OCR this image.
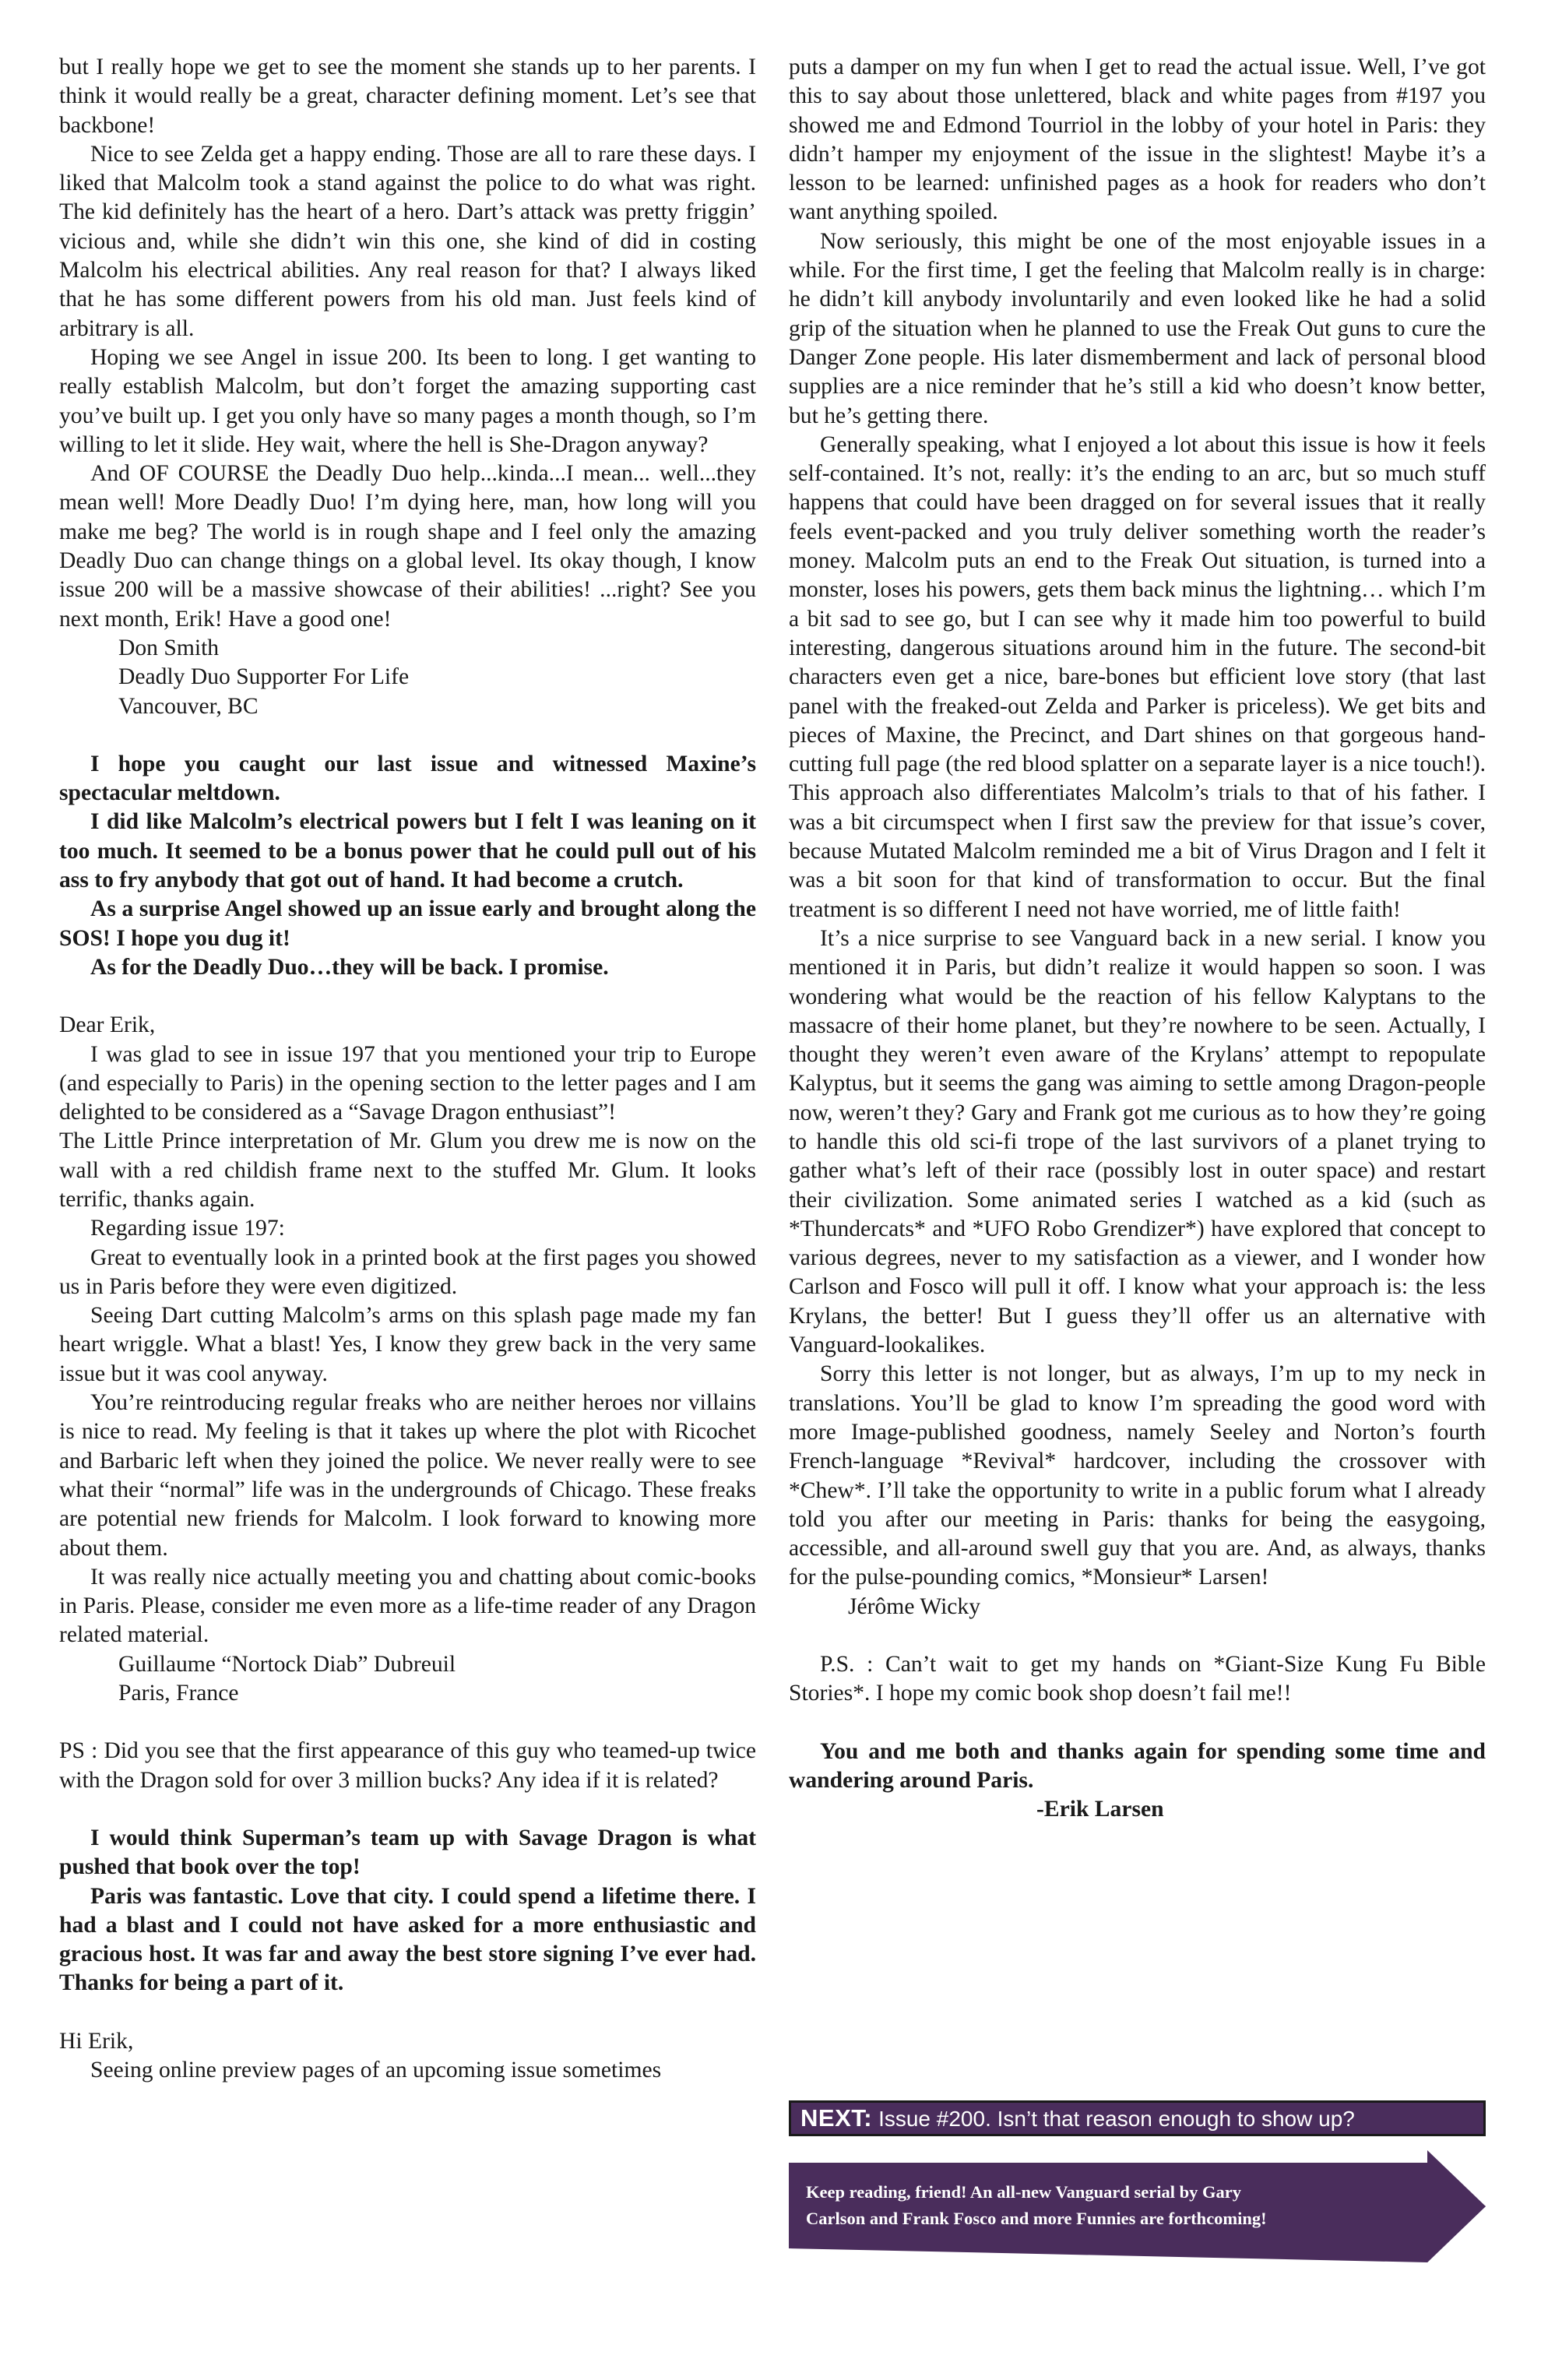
but I really hope we get to see the moment she stands up to her parents. I think it would really be a great, character defining moment. Let’s see that backbone!

Nice to see Zelda get a happy ending. Those are all to rare these days. I liked that Malcolm took a stand against the police to do what was right. The kid definitely has the heart of a hero. Dart’s attack was pretty friggin’ vicious and, while she didn’t win this one, she kind of did in costing Malcolm his electrical abilities. Any real reason for that? I always liked that he has some different powers from his old man. Just feels kind of arbitrary is all.

Hoping we see Angel in issue 200. Its been to long. I get wanting to really establish Malcolm, but don’t forget the amazing supporting cast you’ve built up. I get you only have so many pages a month though, so I’m willing to let it slide. Hey wait, where the hell is She-Dragon anyway?

And OF COURSE the Deadly Duo help...kinda...I mean... well...they mean well! More Deadly Duo! I’m dying here, man, how long will you make me beg? The world is in rough shape and I feel only the amazing Deadly Duo can change things on a global level. Its okay though, I know issue 200 will be a massive showcase of their abilities! ...right? See you next month, Erik! Have a good one!

Don Smith

Deadly Duo Supporter For Life

Vancouver, BC

I hope you caught our last issue and witnessed Maxine’s spectacular meltdown.

I did like Malcolm’s electrical powers but I felt I was leaning on it too much. It seemed to be a bonus power that he could pull out of his ass to fry anybody that got out of hand. It had become a crutch.

As a surprise Angel showed up an issue early and brought along the SOS! I hope you dug it!

As for the Deadly Duo…they will be back. I promise.

Dear Erik,

I was glad to see in issue 197 that you mentioned your trip to Europe (and especially to Paris) in the opening section to the letter pages and I am delighted to be considered as a “Savage Dragon enthusiast”!

The Little Prince interpretation of Mr. Glum you drew me is now on the wall with a red childish frame next to the stuffed Mr. Glum. It looks terrific, thanks again.

Regarding issue 197:

Great to eventually look in a printed book at the first pages you showed us in Paris before they were even digitized.

Seeing Dart cutting Malcolm’s arms on this splash page made my fan heart wriggle. What a blast! Yes, I know they grew back in the very same issue but it was cool anyway.

You’re reintroducing regular freaks who are neither heroes nor villains is nice to read. My feeling is that it takes up where the plot with Ricochet and Barbaric left when they joined the police. We never really were to see what their “normal” life was in the undergrounds of Chicago. These freaks are potential new friends for Malcolm. I look forward to knowing more about them.

It was really nice actually meeting you and chatting about comic-books in Paris. Please, consider me even more as a life-time reader of any Dragon related material.

Guillaume “Nortock Diab” Dubreuil

Paris, France

PS : Did you see that the first appearance of this guy who teamed-up twice with the Dragon sold for over 3 million bucks? Any idea if it is related?

I would think Superman’s team up with Savage Dragon is what pushed that book over the top!

Paris was fantastic. Love that city. I could spend a lifetime there. I had a blast and I could not have asked for a more enthusiastic and gracious host. It was far and away the best store signing I’ve ever had. Thanks for being a part of it.

Hi Erik,

Seeing online preview pages of an upcoming issue sometimes

puts a damper on my fun when I get to read the actual issue. Well, I’ve got this to say about those unlettered, black and white pages from #197 you showed me and Edmond Tourriol in the lobby of your hotel in Paris: they didn’t hamper my enjoyment of the issue in the slightest! Maybe it’s a lesson to be learned: unfinished pages as a hook for readers who don’t want anything spoiled.

Now seriously, this might be one of the most enjoyable issues in a while. For the first time, I get the feeling that Malcolm really is in charge: he didn’t kill anybody involuntarily and even looked like he had a solid grip of the situation when he planned to use the Freak Out guns to cure the Danger Zone people. His later dismemberment and lack of personal blood supplies are a nice reminder that he’s still a kid who doesn’t know better, but he’s getting there.

Generally speaking, what I enjoyed a lot about this issue is how it feels self-contained. It’s not, really: it’s the ending to an arc, but so much stuff happens that could have been dragged on for several issues that it really feels event-packed and you truly deliver something worth the reader’s money. Malcolm puts an end to the Freak Out situation, is turned into a monster, loses his powers, gets them back minus the lightning… which I’m a bit sad to see go, but I can see why it made him too powerful to build interesting, dangerous situations around him in the future. The second-bit characters even get a nice, bare-bones but efficient love story (that last panel with the freaked-out Zelda and Parker is priceless). We get bits and pieces of Maxine, the Precinct, and Dart shines on that gorgeous hand-cutting full page (the red blood splatter on a separate layer is a nice touch!). This approach also differentiates Malcolm’s trials to that of his father. I was a bit circumspect when I first saw the preview for that issue’s cover, because Mutated Malcolm reminded me a bit of Virus Dragon and I felt it was a bit soon for that kind of transformation to occur. But the final treatment is so different I need not have worried, me of little faith!

It’s a nice surprise to see Vanguard back in a new serial. I know you mentioned it in Paris, but didn’t realize it would happen so soon. I was wondering what would be the reaction of his fellow Kalyptans to the massacre of their home planet, but they’re nowhere to be seen. Actually, I thought they weren’t even aware of the Krylans’ attempt to repopulate Kalyptus, but it seems the gang was aiming to settle among Dragon-people now, weren’t they? Gary and Frank got me curious as to how they’re going to handle this old sci-fi trope of the last survivors of a planet trying to gather what’s left of their race (possibly lost in outer space) and restart their civilization. Some animated series I watched as a kid (such as *Thundercats* and *UFO Robo Grendizer*) have explored that concept to various degrees, never to my satisfaction as a viewer, and I wonder how Carlson and Fosco will pull it off. I know what your approach is: the less Krylans, the better! But I guess they’ll offer us an alternative with Vanguard-lookalikes.

Sorry this letter is not longer, but as always, I’m up to my neck in translations. You’ll be glad to know I’m spreading the good word with more Image-published goodness, namely Seeley and Norton’s fourth French-language *Revival* hardcover, including the crossover with *Chew*. I’ll take the opportunity to write in a public forum what I already told you after our meeting in Paris: thanks for being the easygoing, accessible, and all-around swell guy that you are. And, as always, thanks for the pulse-pounding comics, *Monsieur* Larsen!

Jérôme Wicky

P.S. : Can’t wait to get my hands on *Giant-Size Kung Fu Bible Stories*. I hope my comic book shop doesn’t fail me!!

You and me both and thanks again for spending some time and wandering around Paris.

-Erik Larsen

NEXT: Issue #200. Isn’t that reason enough to show up?
Keep reading, friend! An all-new Vanguard serial by Gary
Carlson and Frank Fosco and more Funnies are forthcoming!
